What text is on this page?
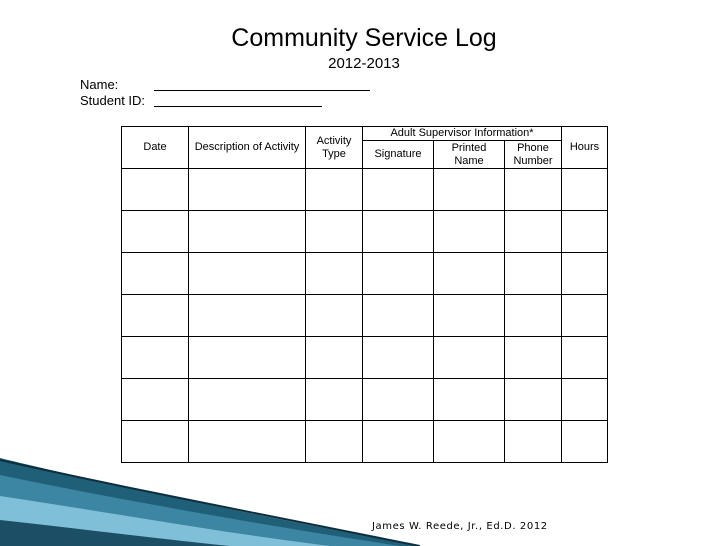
Community Service Log
2012-2013
Name:
Student ID:
Date	Description of Activity	Activity Type	Adult Supervisor Information*			Hours
			Signature	Printed Name	Phone Number	

James W. Reede, Jr., Ed.D. 2012
